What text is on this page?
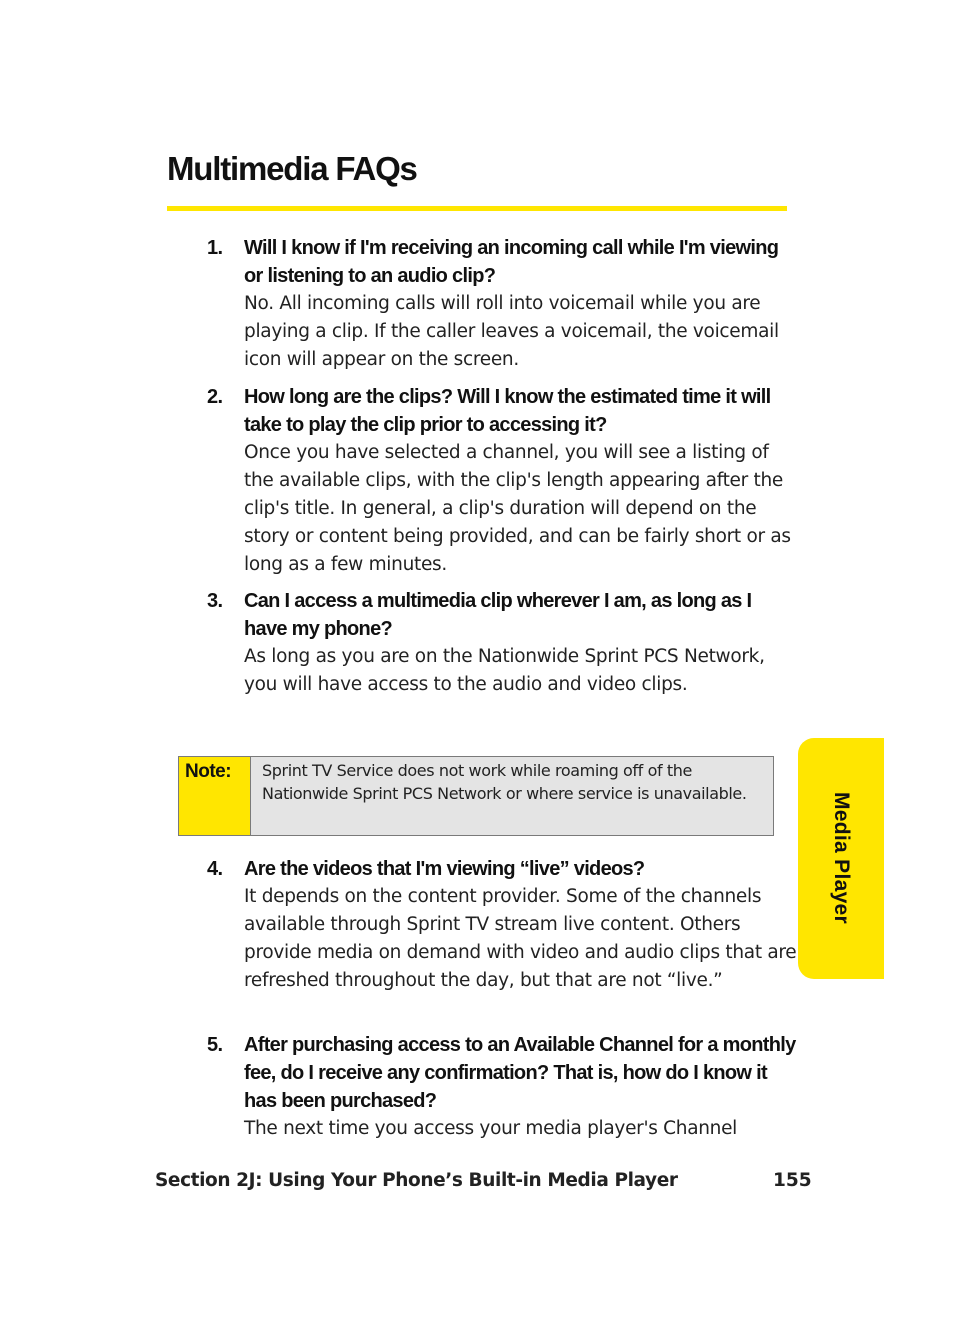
Multimedia FAQs
1.	Will I know if I'm receiving an incoming call while I'm viewing or listening to an audio clip?
No. All incoming calls will roll into voicemail while you are playing a clip. If the caller leaves a voicemail, the voicemail icon will appear on the screen.
2.	How long are the clips? Will I know the estimated time it will take to play the clip prior to accessing it?
Once you have selected a channel, you will see a listing of the available clips, with the clip's length appearing after the clip's title. In general, a clip's duration will depend on the story or content being provided, and can be fairly short or as long as a few minutes.
3.	Can I access a multimedia clip wherever I am, as long as I have my phone?
As long as you are on the Nationwide Sprint PCS Network, you will have access to the audio and video clips.
Note: Sprint TV Service does not work while roaming off of the Nationwide Sprint PCS Network or where service is unavailable.
4.	Are the videos that I'm viewing “live” videos?
It depends on the content provider. Some of the channels available through Sprint TV stream live content. Others provide media on demand with video and audio clips that are refreshed throughout the day, but that are not “live.”
5.	After purchasing access to an Available Channel for a monthly fee, do I receive any confirmation? That is, how do I know it has been purchased?
The next time you access your media player's Channel
Media Player
Section 2J: Using Your Phone’s Built-in Media Player	155
